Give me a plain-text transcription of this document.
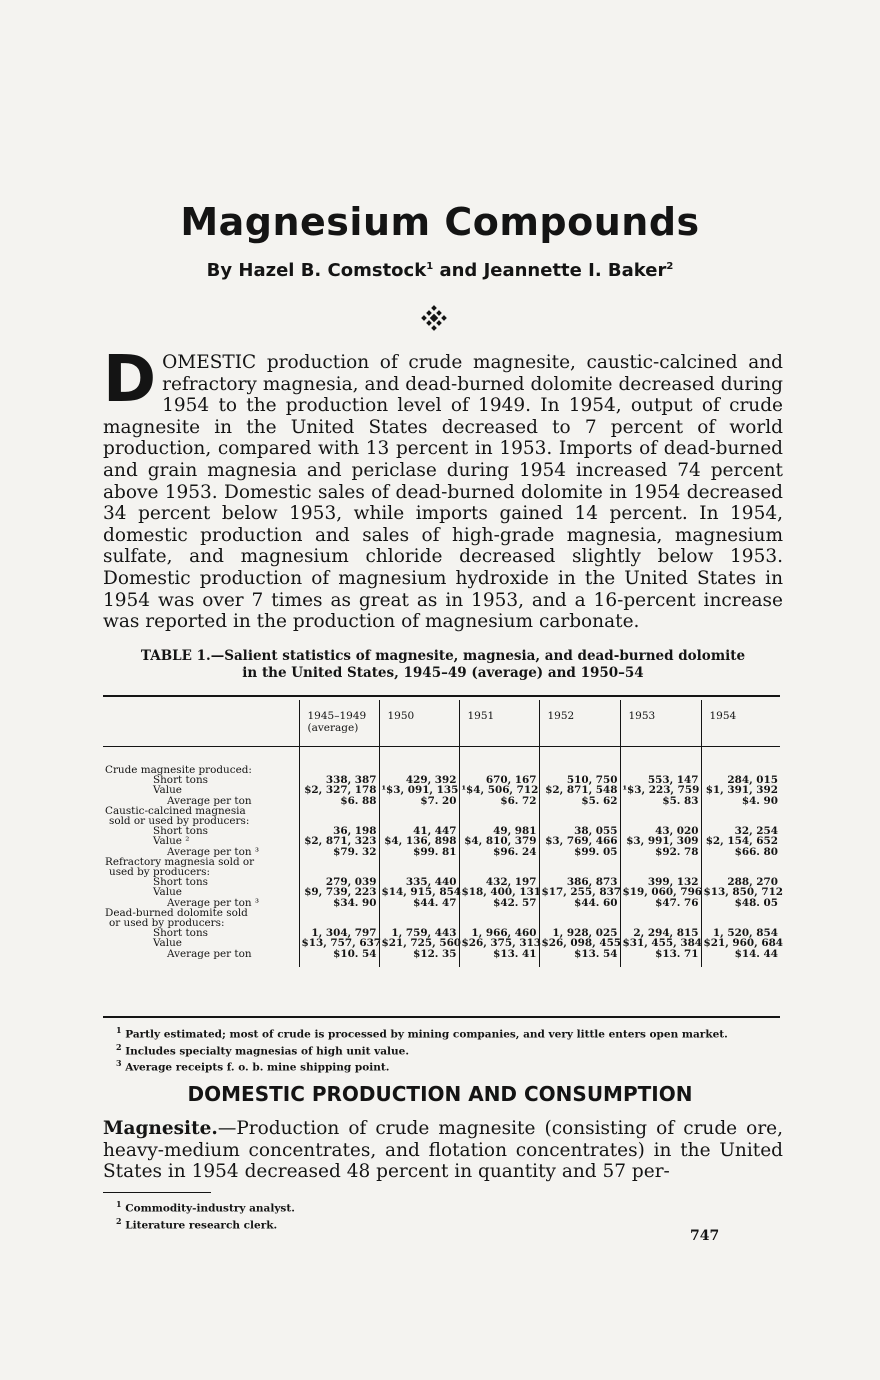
Magnesium Compounds
By Hazel B. Comstock$^1$ and Jeannette I. Baker$^2$

DOMESTIC production of crude magnesite, caustic-calcined and refractory magnesia, and dead-burned dolomite decreased during 1954 to the production level of 1949. In 1954, output of crude magnesite in the United States decreased to 7 percent of world production, compared with 13 percent in 1953. Imports of dead-burned and grain magnesia and periclase during 1954 increased 74 percent above 1953. Domestic sales of dead-burned dolomite in 1954 decreased 34 percent below 1953, while imports gained 14 percent. In 1954, domestic production and sales of high-grade magnesia, magnesium sulfate, and magnesium chloride decreased slightly below 1953. Domestic production of magnesium hydroxide in the United States in 1954 was over 7 times as great as in 1953, and a 16-percent increase was reported in the production of magnesium carbonate.

TABLE 1.—Salient statistics of magnesite, magnesia, and dead-burned dolomite
in the United States, 1945–49 (average) and 1950–54
	1945–1949 (average)	1950	1951	1952	1953	1954

Crude magnesite produced:						
Short tons	338, 387	429, 392	670, 167	510, 750	553, 147	284, 015
Value	$2, 327, 178	¹$3, 091, 135	¹$4, 506, 712	$2, 871, 548	¹$3, 223, 759	$1, 391, 392
Average per ton	$6. 88	$7. 20	$6. 72	$5. 62	$5. 83	$4. 90
Caustic-calcined magnesia						
sold or used by producers:						
Short tons	36, 198	41, 447	49, 981	38, 055	43, 020	32, 254
Value ²	$2, 871, 323	$4, 136, 898	$4, 810, 379	$3, 769, 466	$3, 991, 309	$2, 154, 652
Average per ton ³	$79. 32	$99. 81	$96. 24	$99. 05	$92. 78	$66. 80
Refractory magnesia sold or						
used by producers:						
Short tons	279, 039	335, 440	432, 197	386, 873	399, 132	288, 270
Value	$9, 739, 223	$14, 915, 854	$18, 400, 131	$17, 255, 837	$19, 060, 796	$13, 850, 712
Average per ton ³	$34. 90	$44. 47	$42. 57	$44. 60	$47. 76	$48. 05
Dead-burned dolomite sold						
or used by producers:						
Short tons	1, 304, 797	1, 759, 443	1, 966, 460	1, 928, 025	2, 294, 815	1, 520, 854
Value	$13, 757, 637	$21, 725, 560	$26, 375, 313	$26, 098, 455	$31, 455, 384	$21, 960, 684
Average per ton	$10. 54	$12. 35	$13. 41	$13. 54	$13. 71	$14. 44

$^1$ Partly estimated; most of crude is processed by mining companies, and very little enters open market.
$^2$ Includes specialty magnesias of high unit value.
$^3$ Average receipts f. o. b. mine shipping point.
DOMESTIC PRODUCTION AND CONSUMPTION

Magnesite.—Production of crude magnesite (consisting of crude ore, heavy-medium concentrates, and flotation concentrates) in the United States in 1954 decreased 48 percent in quantity and 57 per-

$^1$ Commodity-industry analyst.
$^2$ Literature research clerk.
747
